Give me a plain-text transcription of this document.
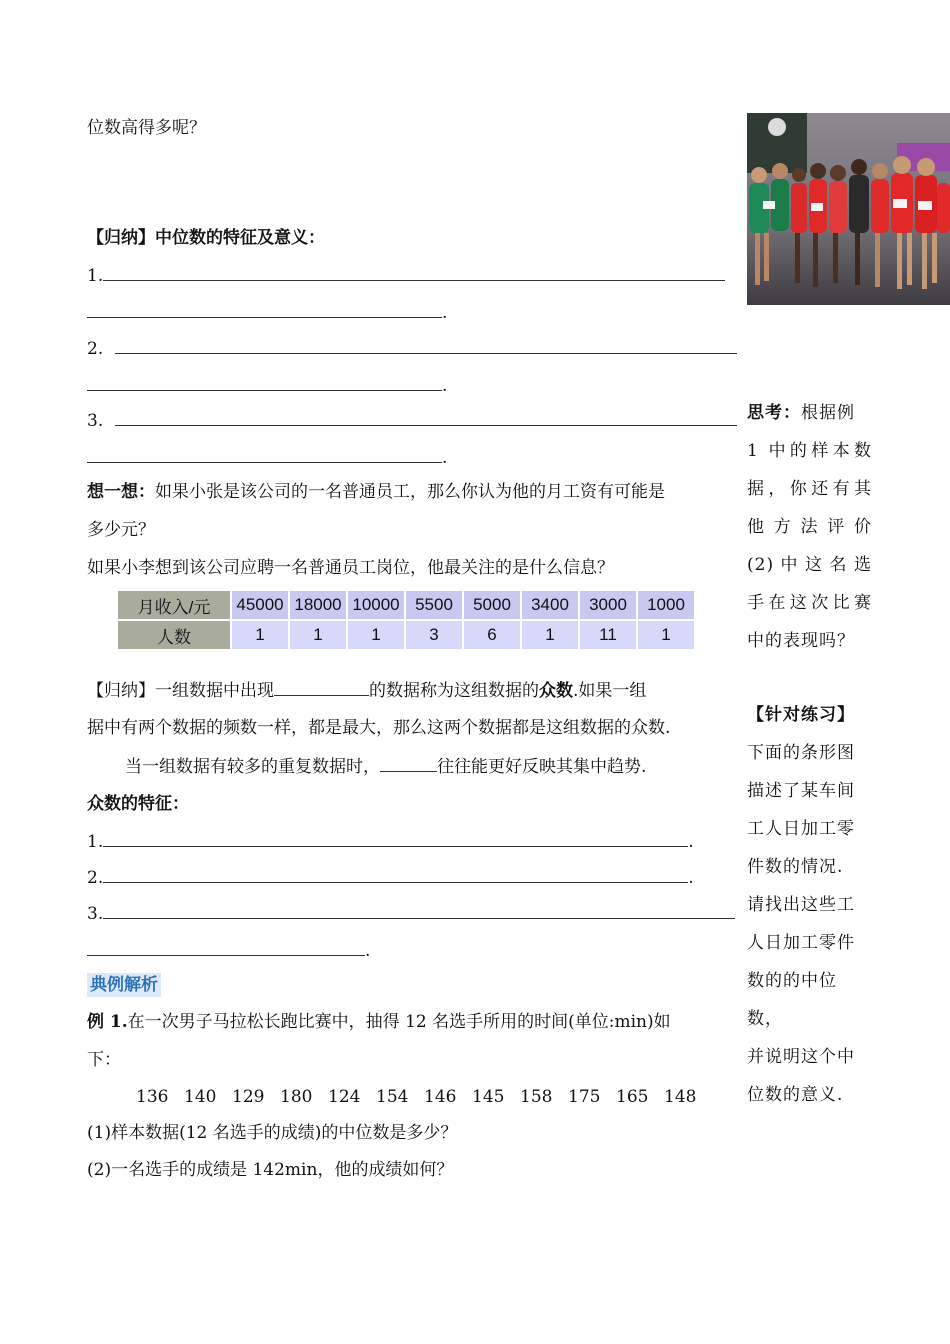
位数高得多呢？
【归纳】中位数的特征及意义：
1.
.
2.
.
3.
.
想一想：如果小张是该公司的一名普通员工，那么你认为他的月工资有可能是
多少元？
如果小李想到该公司应聘一名普通员工岗位，他最关注的是什么信息？
月收入/元	45000	18000	10000	5500	5000	3400	3000	1000
人数	1	1	1	3	6	1	11	1
【归纳】一组数据中出现	的数据称为这组数据的众数.如果一组
据中有两个数据的频数一样，都是最大，那么这两个数据都是这组数据的众数.
当一组数据有较多的重复数据时，	往往能更好反映其集中趋势.
众数的特征：
1.	.
2.	.
3.
.
典例解析
例 1.在一次男子马拉松长跑比赛中，抽得 12 名选手所用的时间(单位:min)如
下：
136 140 129 180 124 154 146 145 158 175 165 148
(1)样本数据(12 名选手的成绩)的中位数是多少？
(2)一名选手的成绩是 142min，他的成绩如何？
思考：根据例
1 中的样本数
据，你还有其
他方法评价
(2)中这名选
手在这次比赛
中的表现吗？
【针对练习】
下面的条形图
描述了某车间
工人日加工零
件数的情况.
请找出这些工
人日加工零件
数的的中位数，
并说明这个中
位数的意义.
